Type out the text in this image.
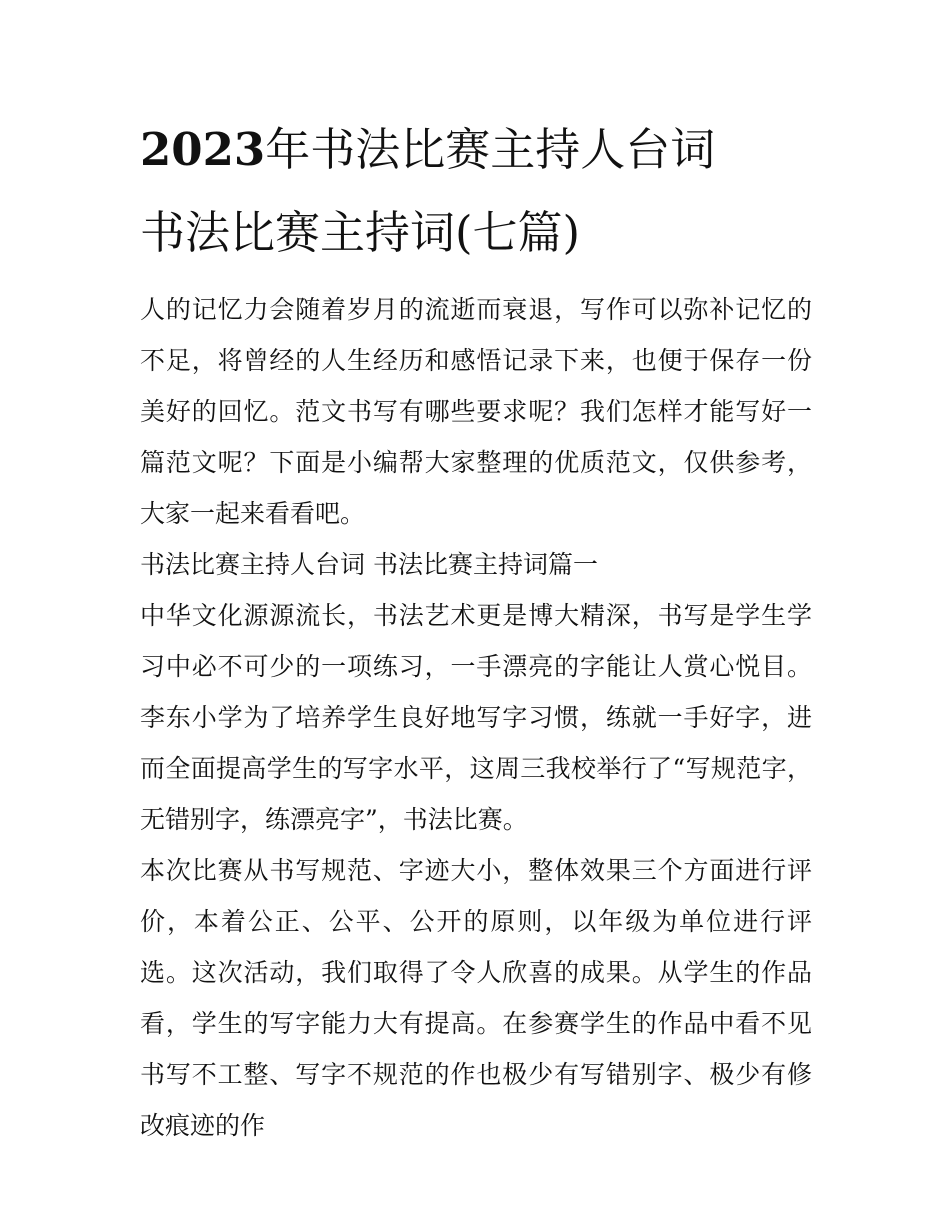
2023年书法比赛主持人台词
书法比赛主持词(七篇)

人的记忆力会随着岁月的流逝而衰退，写作可以弥补记忆的不足，将曾经的人生经历和感悟记录下来，也便于保存一份美好的回忆。范文书写有哪些要求呢？我们怎样才能写好一篇范文呢？下面是小编帮大家整理的优质范文，仅供参考，大家一起来看看吧。

书法比赛主持人台词 书法比赛主持词篇一

中华文化源源流长，书法艺术更是博大精深，书写是学生学习中必不可少的一项练习，一手漂亮的字能让人赏心悦目。李东小学为了培养学生良好地写字习惯，练就一手好字，进而全面提高学生的写字水平，这周三我校举行了“写规范字，无错别字，练漂亮字”，书法比赛。

本次比赛从书写规范、字迹大小，整体效果三个方面进行评价，本着公正、公平、公开的原则，以年级为单位进行评选。这次活动，我们取得了令人欣喜的成果。从学生的作品看，学生的写字能力大有提高。在参赛学生的作品中看不见书写不工整、写字不规范的作也极少有写错别字、极少有修改痕迹的作
